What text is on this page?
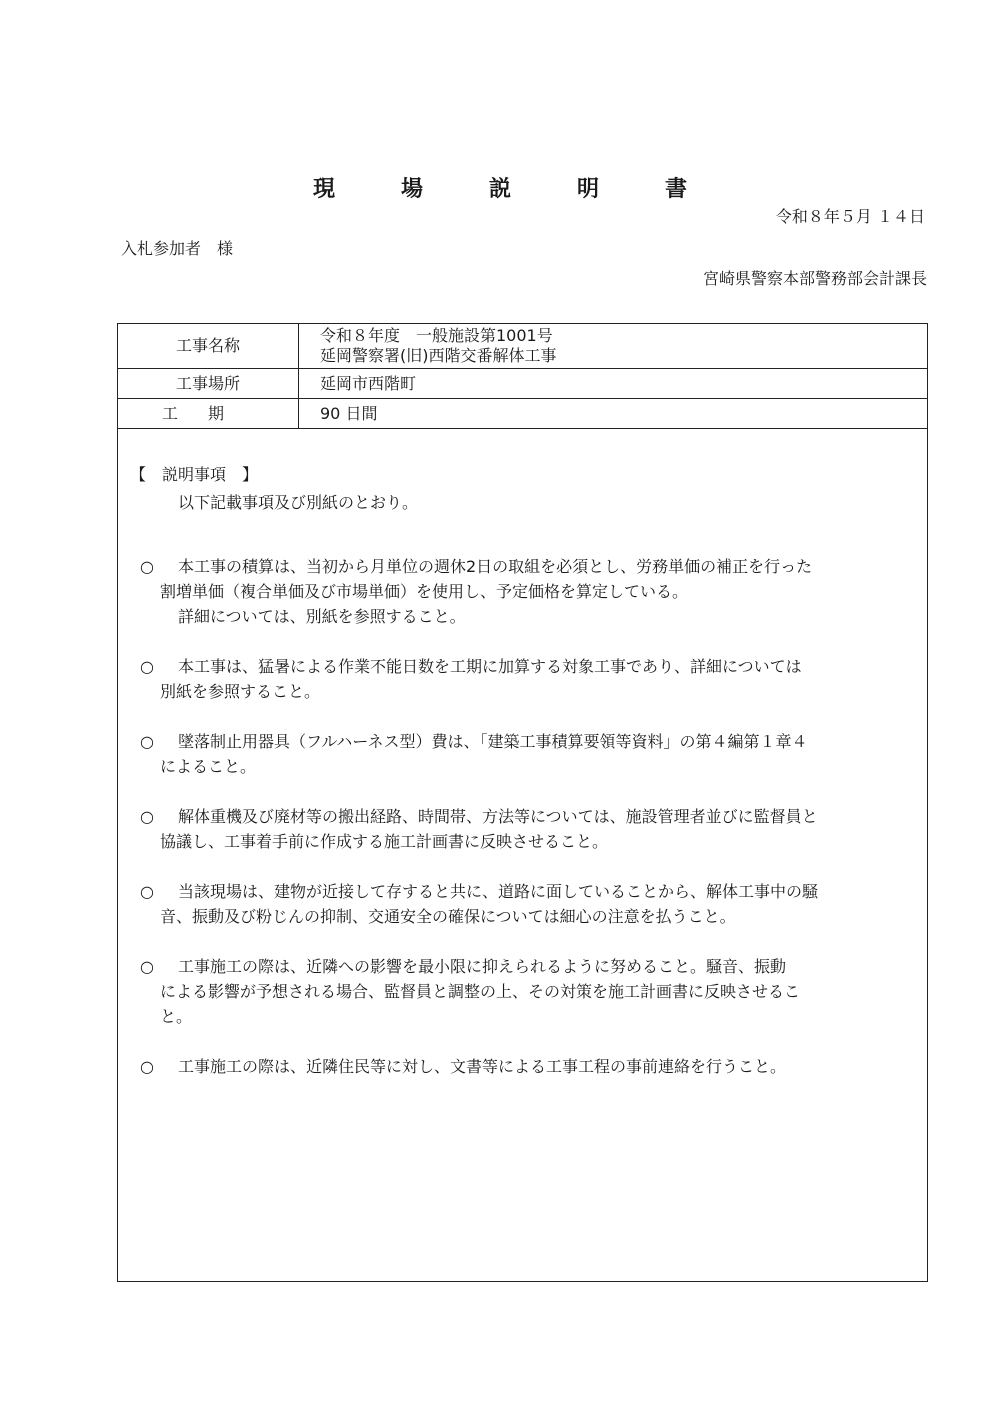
現　場　説　明　書
令和８年５月 １４日
入札参加者　様
宮崎県警察本部警務部会計課長
工事名称	令和８年度　一般施設第1001号
延岡警察署(旧)西階交番解体工事

工事場所	延岡市西階町
工期	90 日間
【　説明事項　】
以下記載事項及び別紙のとおり。
○	本工事の積算は、当初から月単位の週休2日の取組を必須とし、労務単価の補正を行った
割増単価（複合単価及び市場単価）を使用し、予定価格を算定している。
詳細については、別紙を参照すること。
○	本工事は、猛暑による作業不能日数を工期に加算する対象工事であり、詳細については
別紙を参照すること。
○	墜落制止用器具（フルハーネス型）費は、「建築工事積算要領等資料」の第４編第１章４
によること。
○	解体重機及び廃材等の搬出経路、時間帯、方法等については、施設管理者並びに監督員と
協議し、工事着手前に作成する施工計画書に反映させること。
○	当該現場は、建物が近接して存すると共に、道路に面していることから、解体工事中の騒
音、振動及び粉じんの抑制、交通安全の確保については細心の注意を払うこと。
○	工事施工の際は、近隣への影響を最小限に抑えられるように努めること。騒音、振動
による影響が予想される場合、監督員と調整の上、その対策を施工計画書に反映させるこ
と。
○	工事施工の際は、近隣住民等に対し、文書等による工事工程の事前連絡を行うこと。
